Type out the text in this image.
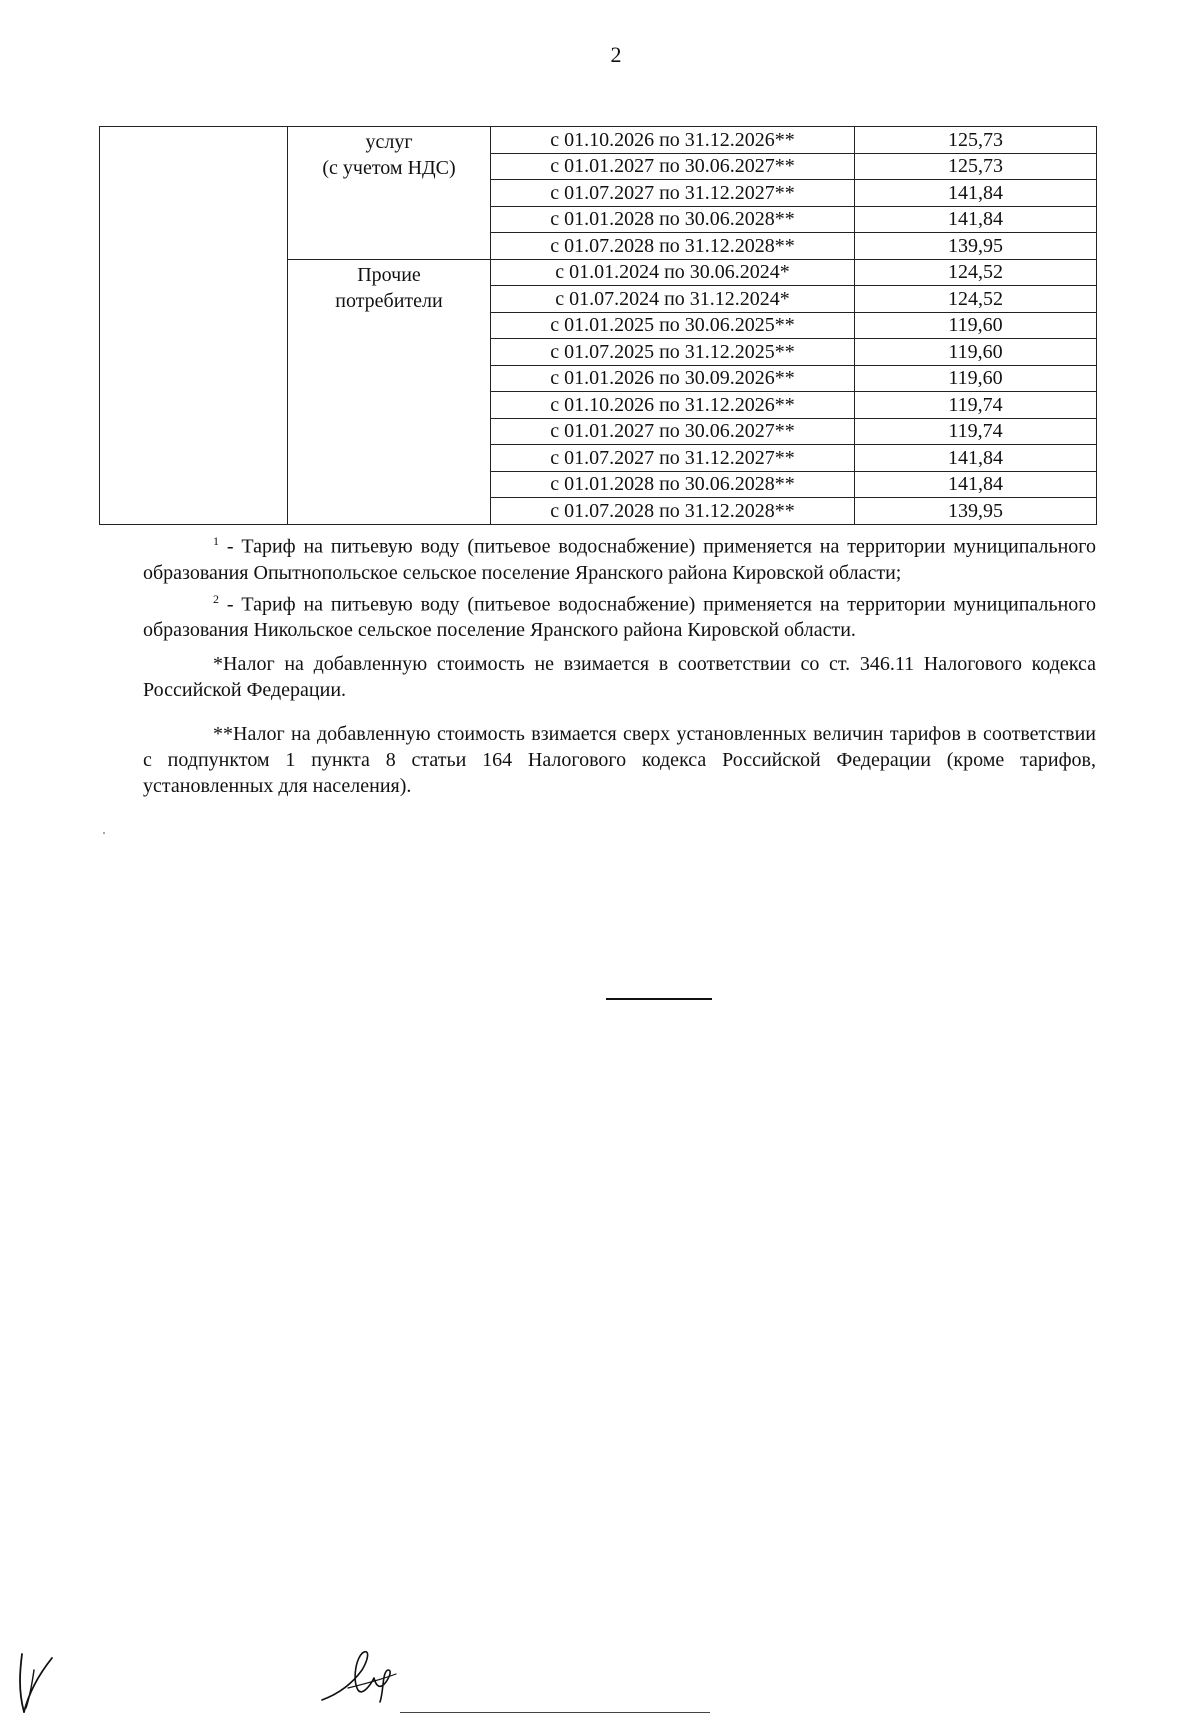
2
	услуг
(с учетом НДС)	с 01.10.2026 по 31.12.2026**	125,73
		с 01.01.2027 по 30.06.2027**	125,73
		с 01.07.2027 по 31.12.2027**	141,84
		с 01.01.2028 по 30.06.2028**	141,84
		с 01.07.2028 по 31.12.2028**	139,95
	Прочие
потребители	с 01.01.2024 по 30.06.2024*	124,52
		с 01.07.2024 по 31.12.2024*	124,52
		с 01.01.2025 по 30.06.2025**	119,60
		с 01.07.2025 по 31.12.2025**	119,60
		с 01.01.2026 по 30.09.2026**	119,60
		с 01.10.2026 по 31.12.2026**	119,74
		с 01.01.2027 по 30.06.2027**	119,74
		с 01.07.2027 по 31.12.2027**	141,84
		с 01.01.2028 по 30.06.2028**	141,84
		с 01.07.2028 по 31.12.2028**	139,95

$^1$ - Тариф на питьевую воду (питьевое водоснабжение) применяется на территории муниципального образования Опытнопольское сельское поселение Яранского района Кировской области;

$^2$ - Тариф на питьевую воду (питьевое водоснабжение) применяется на территории муниципального образования Никольское сельское поселение Яранского района Кировской области.

*Налог на добавленную стоимость не взимается в соответствии со ст. 346.11 Налогового кодекса Российской Федерации.

**Налог на добавленную стоимость взимается сверх установленных величин тарифов в соответствии с подпунктом 1 пункта 8 статьи 164 Налогового кодекса Российской Федерации (кроме тарифов, установленных для населения).
